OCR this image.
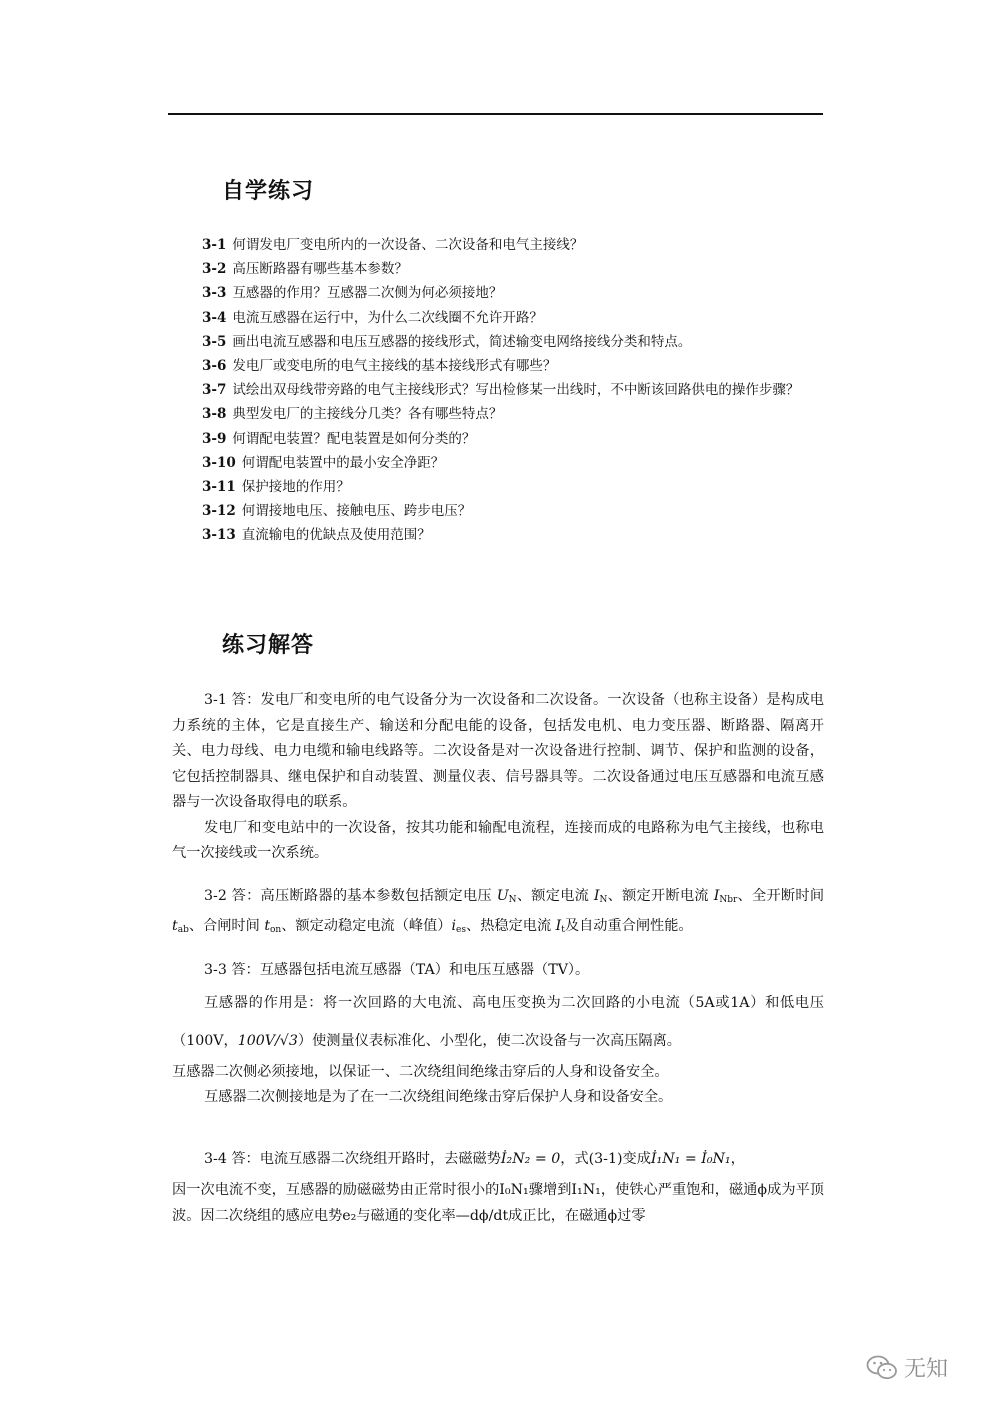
自学练习
3-1 何谓发电厂变电所内的一次设备、二次设备和电气主接线？
3-2 高压断路器有哪些基本参数？
3-3 互感器的作用？互感器二次侧为何必须接地？
3-4 电流互感器在运行中，为什么二次线圈不允许开路？
3-5 画出电流互感器和电压互感器的接线形式，简述输变电网络接线分类和特点。
3-6 发电厂或变电所的电气主接线的基本接线形式有哪些？
3-7 试绘出双母线带旁路的电气主接线形式？写出检修某一出线时，不中断该回路供电的操作步骤？
3-8 典型发电厂的主接线分几类？各有哪些特点？
3-9 何谓配电装置？配电装置是如何分类的？
3-10 何谓配电装置中的最小安全净距？
3-11 保护接地的作用？
3-12 何谓接地电压、接触电压、跨步电压？
3-13 直流输电的优缺点及使用范围？
练习解答

3-1 答：发电厂和变电所的电气设备分为一次设备和二次设备。一次设备（也称主设备）是构成电力系统的主体，它是直接生产、输送和分配电能的设备，包括发电机、电力变压器、断路器、隔离开关、电力母线、电力电缆和输电线路等。二次设备是对一次设备进行控制、调节、保护和监测的设备，它包括控制器具、继电保护和自动装置、测量仪表、信号器具等。二次设备通过电压互感器和电流互感器与一次设备取得电的联系。

发电厂和变电站中的一次设备，按其功能和输配电流程，连接而成的电路称为电气主接线，也称电气一次接线或一次系统。

3-2 答：高压断路器的基本参数包括额定电压 $U_N$、额定电流 $I_N$、额定开断电流 $I_{Nbr}$、全开断时间 $t_{ab}$、合闸时间 $t_{on}$、额定动稳定电流（峰值）$i_{es}$、热稳定电流 $I_t$及自动重合闸性能。

3-3 答：互感器包括电流互感器（TA）和电压互感器（TV）。

互感器的作用是：将一次回路的大电流、高电压变换为二次回路的小电流（5A或1A）和低电压（100V，100V/√3）使测量仪表标准化、小型化，使二次设备与一次高压隔离。

互感器二次侧必须接地，以保证一、二次绕组间绝缘击穿后的人身和设备安全。

互感器二次侧接地是为了在一二次绕组间绝缘击穿后保护人身和设备安全。

3-4 答：电流互感器二次绕组开路时，去磁磁势İ₂N₂ = 0，式(3-1)变成İ₁N₁ = İ₀N₁，

因一次电流不变，互感器的励磁磁势由正常时很小的I₀N₁骤增到I₁N₁，使铁心严重饱和，磁通ϕ成为平顶波。因二次绕组的感应电势e₂与磁通的变化率—dϕ/dt成正比，在磁通ϕ过零

无知
